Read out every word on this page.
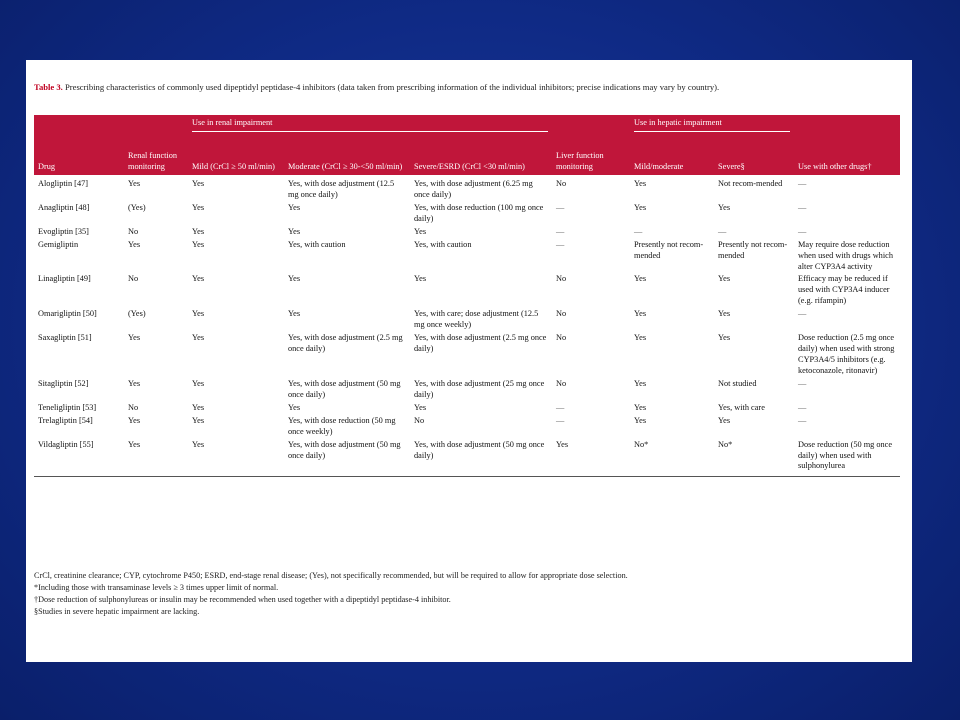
Table 3. Prescribing characteristics of commonly used dipeptidyl peptidase-4 inhibitors (data taken from prescribing information of the individual inhibitors; precise indications may vary by country).

		Use in renal impairment				Use in hepatic impairment		

Drug	Renal function monitoring	Mild (CrCl ≥ 50 ml/min)	Moderate (CrCl ≥ 30-<50 ml/min)	Severe/ESRD (CrCl <30 ml/min)	Liver function monitoring	Mild/moderate	Severe§	Use with other drugs†
Alogliptin [47]	Yes	Yes	Yes, with dose adjustment (12.5 mg once daily)	Yes, with dose adjustment (6.25 mg once daily)	No	Yes	Not recom-mended	—
Anagliptin [48]	(Yes)	Yes	Yes	Yes, with dose reduction (100 mg once daily)	—	Yes	Yes	—
Evogliptin [35]	No	Yes	Yes	Yes	—	—	—	—
Gemigliptin	Yes	Yes	Yes, with caution	Yes, with caution	—	Presently not recom-mended	Presently not recom-mended	May require dose reduction when used with drugs which alter CYP3A4 activity
Linagliptin [49]	No	Yes	Yes	Yes	No	Yes	Yes	Efficacy may be reduced if used with CYP3A4 inducer (e.g. rifampin)
Omarigliptin [50]	(Yes)	Yes	Yes	Yes, with care; dose adjustment (12.5 mg once weekly)	No	Yes	Yes	—
Saxagliptin [51]	Yes	Yes	Yes, with dose adjustment (2.5 mg once daily)	Yes, with dose adjustment (2.5 mg once daily)	No	Yes	Yes	Dose reduction (2.5 mg once daily) when used with strong CYP3A4/5 inhibitors (e.g. ketoconazole, ritonavir)
Sitagliptin [52]	Yes	Yes	Yes, with dose adjustment (50 mg once daily)	Yes, with dose adjustment (25 mg once daily)	No	Yes	Not studied	—
Teneligliptin [53]	No	Yes	Yes	Yes	—	Yes	Yes, with care	—
Trelagliptin [54]	Yes	Yes	Yes, with dose reduction (50 mg once weekly)	No	—	Yes	Yes	—
Vildagliptin [55]	Yes	Yes	Yes, with dose adjustment (50 mg once daily)	Yes, with dose adjustment (50 mg once daily)	Yes	No*	No*	Dose reduction (50 mg once daily) when used with sulphonylurea
CrCl, creatinine clearance; CYP, cytochrome P450; ESRD, end-stage renal disease; (Yes), not specifically recommended, but will be required to allow for appropriate dose selection.
*Including those with transaminase levels ≥ 3 times upper limit of normal.
†Dose reduction of sulphonylureas or insulin may be recommended when used together with a dipeptidyl peptidase-4 inhibitor.
§Studies in severe hepatic impairment are lacking.
